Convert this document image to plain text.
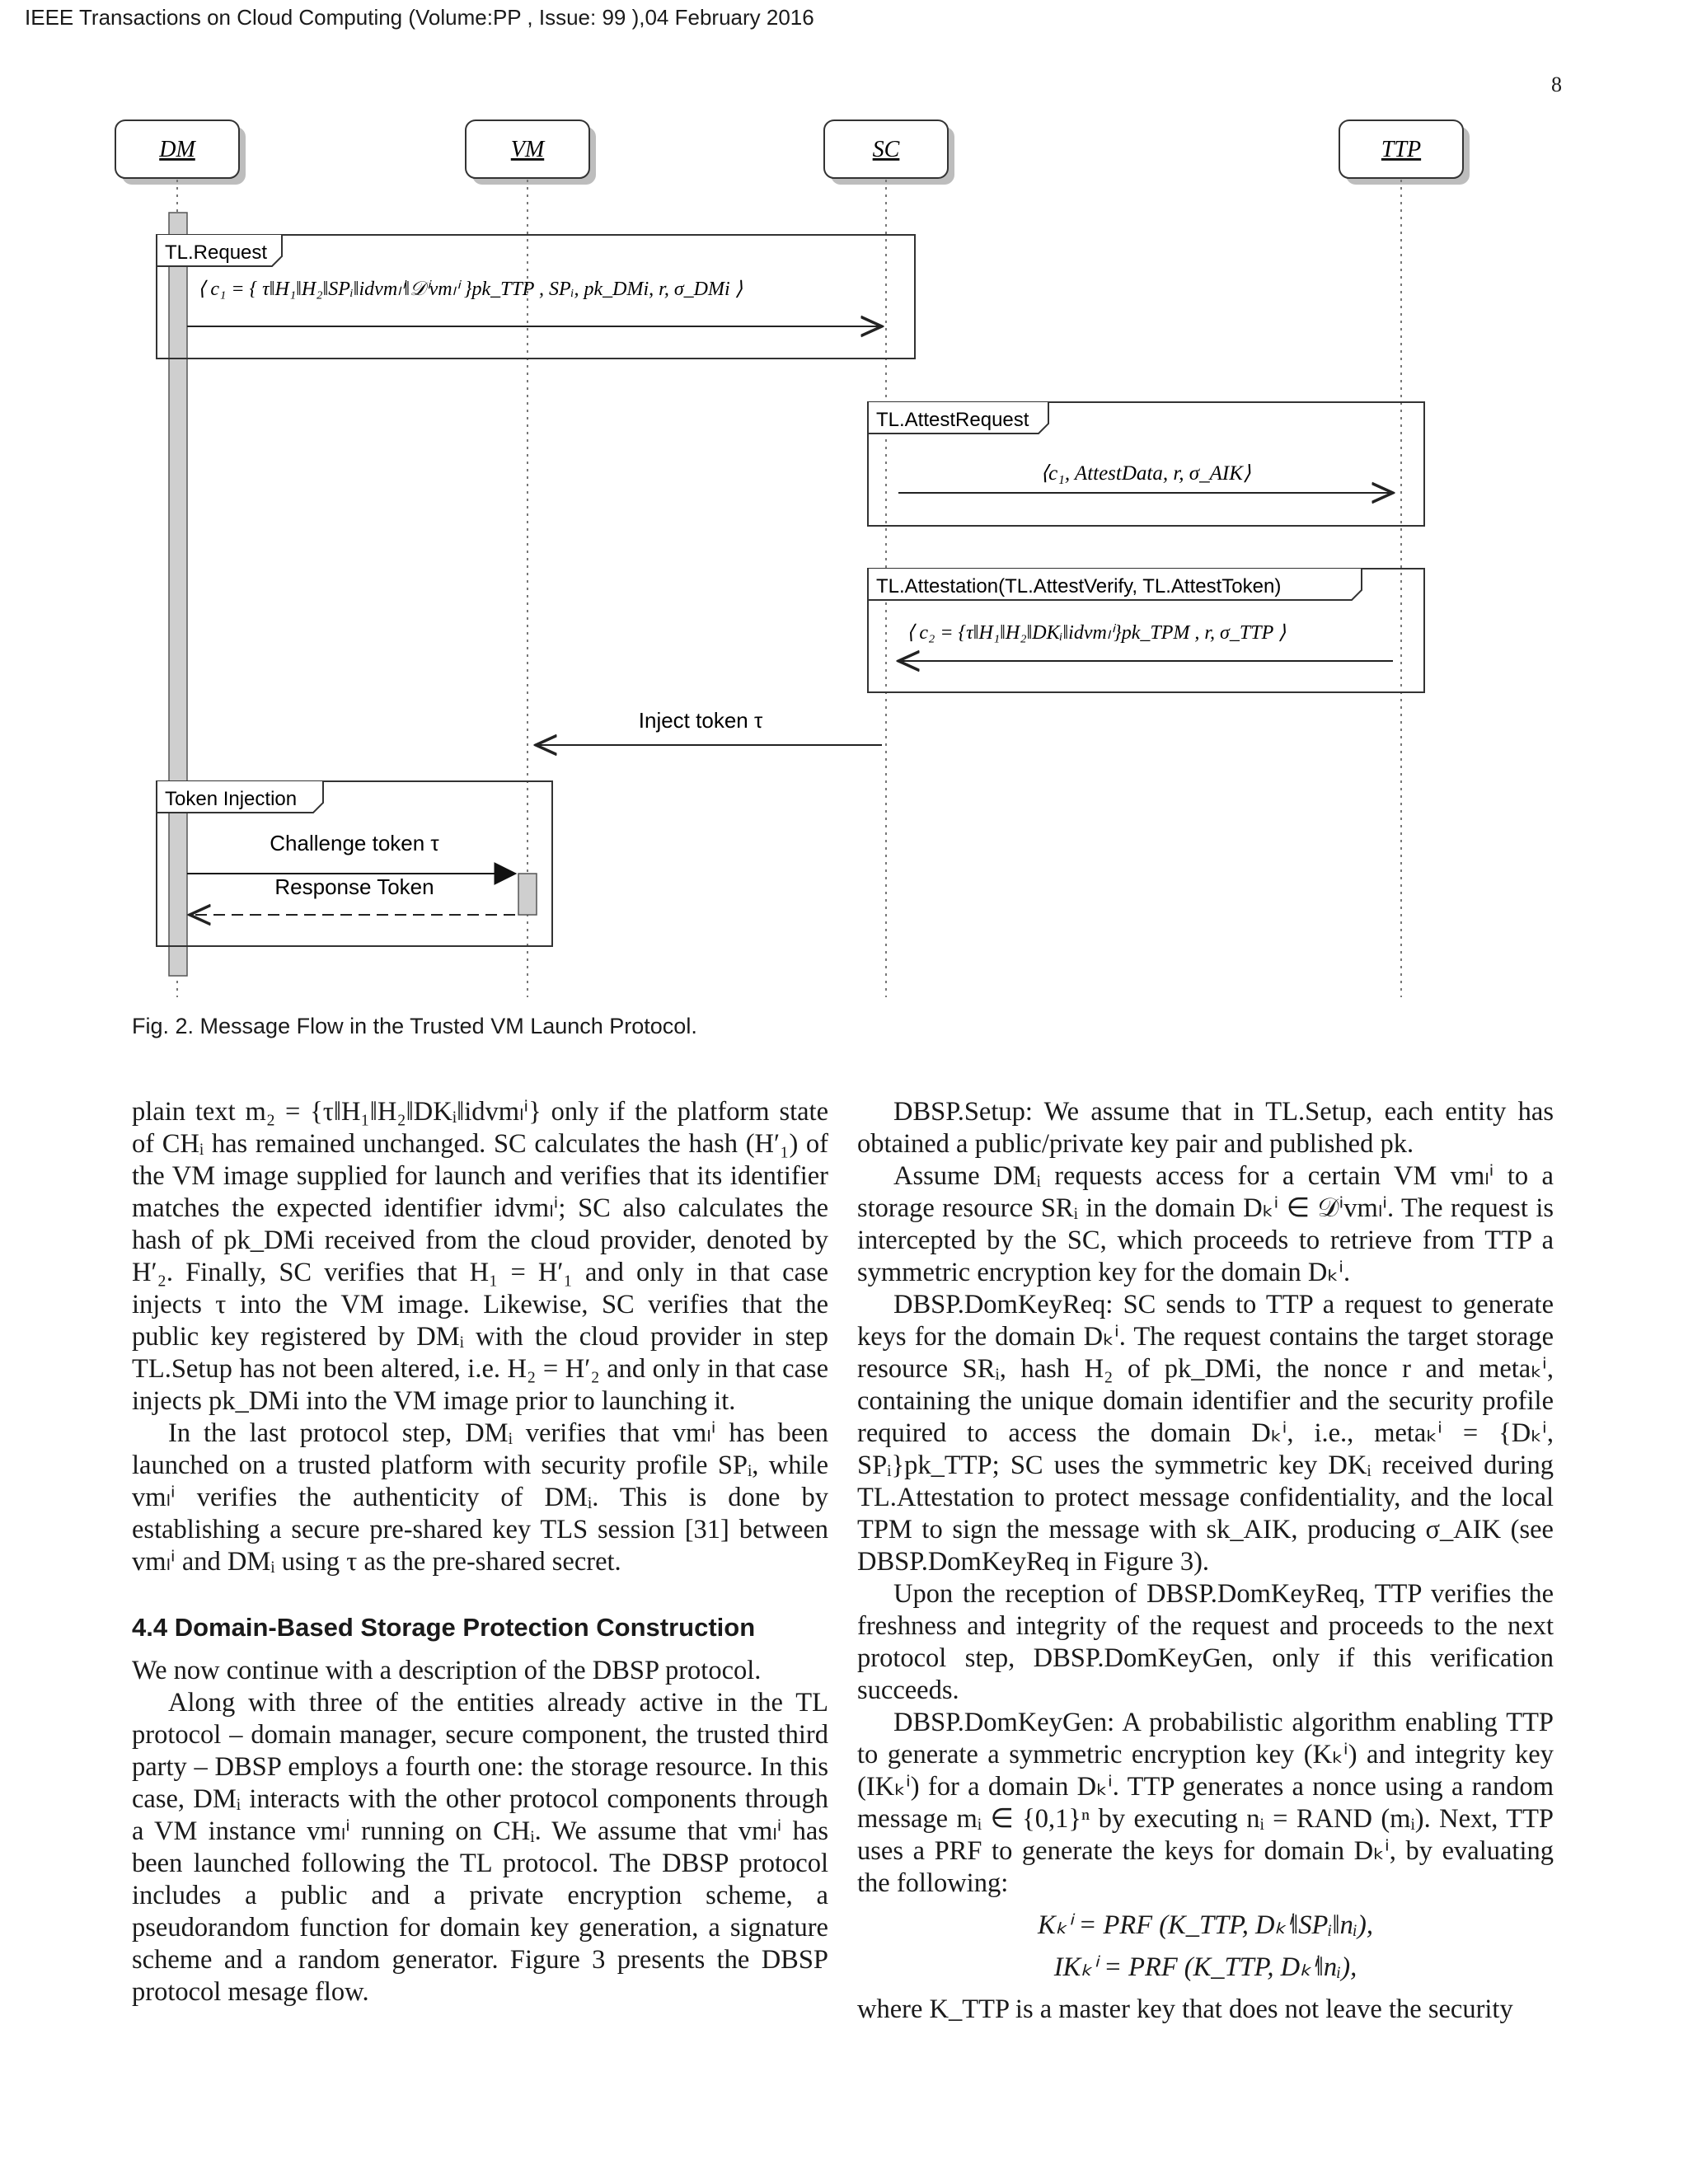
IEEE Transactions on Cloud Computing (Volume:PP , Issue: 99 ),04 February 2016
8
DM	VM	SC	TTP
TL.Request
⟨ c₁ = { τ‖H₁‖H₂‖SPᵢ‖idvmₗⁱ‖𝒟ⁱvmₗⁱ }pk_TTP , SPᵢ, pk_DMi, r, σ_DMi ⟩
TL.AttestRequest
⟨c₁, AttestData, r, σ_AIK⟩
TL.Attestation(TL.AttestVerify, TL.AttestToken)
⟨ c₂ = {τ‖H₁‖H₂‖DKᵢ‖idvmₗⁱ}pk_TPM , r, σ_TTP ⟩
Inject token τ
Token Injection
Challenge token τ
Response Token
Fig. 2. Message Flow in the Trusted VM Launch Protocol.

plain text m₂ = {τ‖H₁‖H₂‖DKᵢ‖idvmₗⁱ} only if the platform state of CHᵢ has remained unchanged. SC calculates the hash (H′₁) of the VM image supplied for launch and verifies that its identifier matches the expected identifier idvmₗⁱ; SC also calculates the hash of pk_DMi received from the cloud provider, denoted by H′₂. Finally, SC verifies that H₁ = H′₁ and only in that case injects τ into the VM image. Likewise, SC verifies that the public key registered by DMᵢ with the cloud provider in step TL.Setup has not been altered, i.e. H₂ = H′₂ and only in that case injects pk_DMi into the VM image prior to launching it.

In the last protocol step, DMᵢ verifies that vmₗⁱ has been launched on a trusted platform with security profile SPᵢ, while vmₗⁱ verifies the authenticity of DMᵢ. This is done by establishing a secure pre-shared key TLS session [31] between vmₗⁱ and DMᵢ using τ as the pre-shared secret.

4.4 Domain-Based Storage Protection Construction

We now continue with a description of the DBSP protocol.

Along with three of the entities already active in the TL protocol – domain manager, secure component, the trusted third party – DBSP employs a fourth one: the storage resource. In this case, DMᵢ interacts with the other protocol components through a VM instance vmₗⁱ running on CHᵢ. We assume that vmₗⁱ has been launched following the TL protocol. The DBSP protocol includes a public and a private encryption scheme, a pseudorandom function for domain key generation, a signature scheme and a random generator. Figure 3 presents the DBSP protocol mesage flow.

DBSP.Setup: We assume that in TL.Setup, each entity has obtained a public/private key pair and published pk.

Assume DMᵢ requests access for a certain VM vmₗⁱ to a storage resource SRᵢ in the domain Dₖⁱ ∈ 𝒟ⁱvmₗⁱ. The request is intercepted by the SC, which proceeds to retrieve from TTP a symmetric encryption key for the domain Dₖⁱ.

DBSP.DomKeyReq: SC sends to TTP a request to generate keys for the domain Dₖⁱ. The request contains the target storage resource SRᵢ, hash H₂ of pk_DMi, the nonce r and metaₖⁱ, containing the unique domain identifier and the security profile required to access the domain Dₖⁱ, i.e., metaₖⁱ = {Dₖⁱ, SPᵢ}pk_TTP; SC uses the symmetric key DKᵢ received during TL.Attestation to protect message confidentiality, and the local TPM to sign the message with sk_AIK, producing σ_AIK (see DBSP.DomKeyReq in Figure 3).

Upon the reception of DBSP.DomKeyReq, TTP verifies the freshness and integrity of the request and proceeds to the next protocol step, DBSP.DomKeyGen, only if this verification succeeds.

DBSP.DomKeyGen: A probabilistic algorithm enabling TTP to generate a symmetric encryption key (Kₖⁱ) and integrity key (IKₖⁱ) for a domain Dₖⁱ. TTP generates a nonce using a random message mᵢ ∈ {0,1}ⁿ by executing nᵢ = RAND (mᵢ). Next, TTP uses a PRF to generate the keys for domain Dₖⁱ, by evaluating the following:

Kₖⁱ = PRF (K_TTP, Dₖⁱ‖SPᵢ‖nᵢ),

IKₖⁱ = PRF (K_TTP, Dₖⁱ‖nᵢ),

where K_TTP is a master key that does not leave the security
